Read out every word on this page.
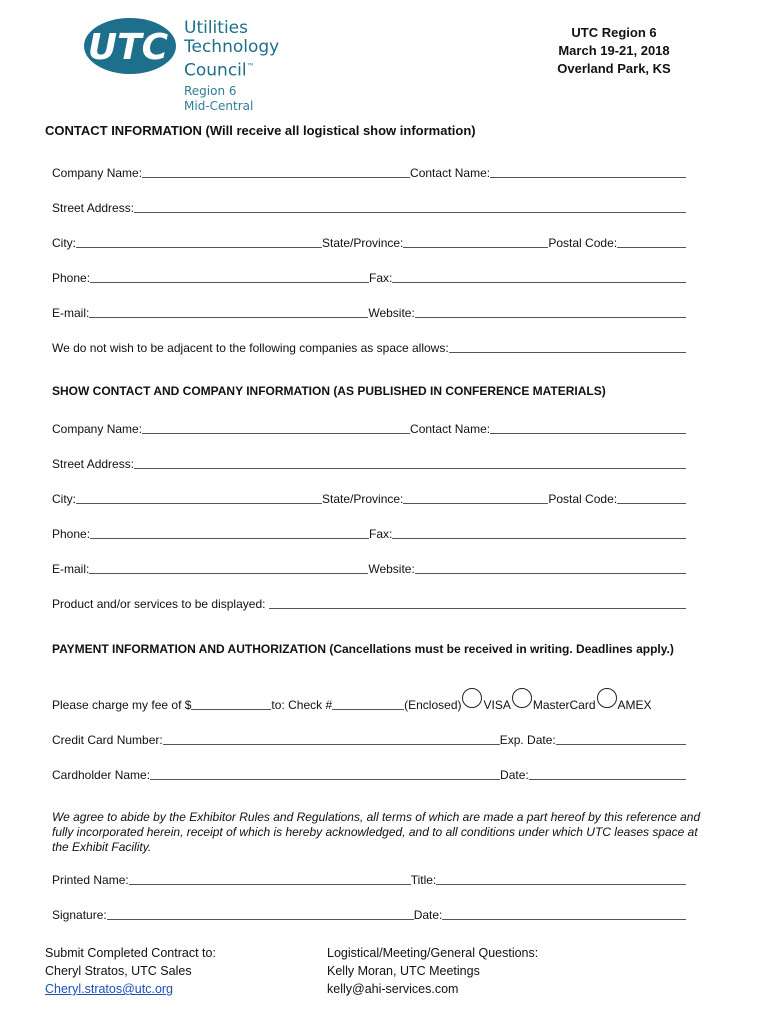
UTC Utilities
Technology
Council™
Region 6
Mid-Central
UTC Region 6
March 19-21, 2018
Overland Park, KS
CONTACT INFORMATION (Will receive all logistical show information)
Company Name:	Contact Name:
Street Address:
City:	State/Province:	Postal Code:
Phone:	Fax:
E-mail:	Website:
We do not wish to be adjacent to the following companies as space allows:
SHOW CONTACT AND COMPANY INFORMATION (AS PUBLISHED IN CONFERENCE MATERIALS)
Company Name:	Contact Name:
Street Address:
City:	State/Province:	Postal Code:
Phone:	Fax:
E-mail:	Website:
Product and/or services to be displayed:
PAYMENT INFORMATION AND AUTHORIZATION (Cancellations must be received in writing. Deadlines apply.)
Please charge my fee of $	to: Check #	(Enclosed) VISA MasterCard AMEX
Credit Card Number:	Exp. Date:
Cardholder Name:	Date:
We agree to abide by the Exhibitor Rules and Regulations, all terms of which are made a part hereof by this reference and fully incorporated herein, receipt of which is hereby acknowledged, and to all conditions under which UTC leases space at the Exhibit Facility.
Printed Name:	Title:
Signature:	Date:
Submit Completed Contract to:
Cheryl Stratos, UTC Sales
Cheryl.stratos@utc.org
Logistical/Meeting/General Questions:
Kelly Moran, UTC Meetings
kelly@ahi-services.com
